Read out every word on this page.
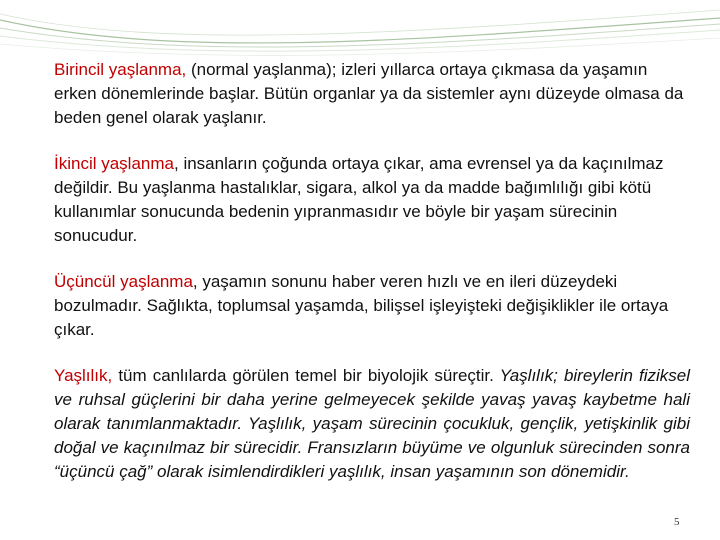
Birincil yaşlanma, (normal yaşlanma); izleri yıllarca ortaya çıkmasa da yaşamın erken dönemlerinde başlar. Bütün organlar ya da sistemler aynı düzeyde olmasa da beden genel olarak yaşlanır.

İkincil yaşlanma, insanların çoğunda ortaya çıkar, ama evrensel ya da kaçınılmaz değildir. Bu yaşlanma hastalıklar, sigara, alkol ya da madde bağımlılığı gibi kötü kullanımlar sonucunda bedenin yıpranmasıdır ve böyle bir yaşam sürecinin sonucudur.

Üçüncül yaşlanma, yaşamın sonunu haber veren hızlı ve en ileri düzeydeki bozulmadır. Sağlıkta, toplumsal yaşamda, bilişsel işleyişteki değişiklikler ile ortaya çıkar.

Yaşlılık, tüm canlılarda görülen temel bir biyolojik süreçtir. Yaşlılık; bireylerin fiziksel ve ruhsal güçlerini bir daha yerine gelmeyecek şekilde yavaş yavaş kaybetme hali olarak tanımlanmaktadır. Yaşlılık, yaşam sürecinin çocukluk, gençlik, yetişkinlik gibi doğal ve kaçınılmaz bir sürecidir. Fransızların büyüme ve olgunluk sürecinden sonra “üçüncü çağ” olarak isimlendirdikleri yaşlılık, insan yaşamının son dönemidir.

5
